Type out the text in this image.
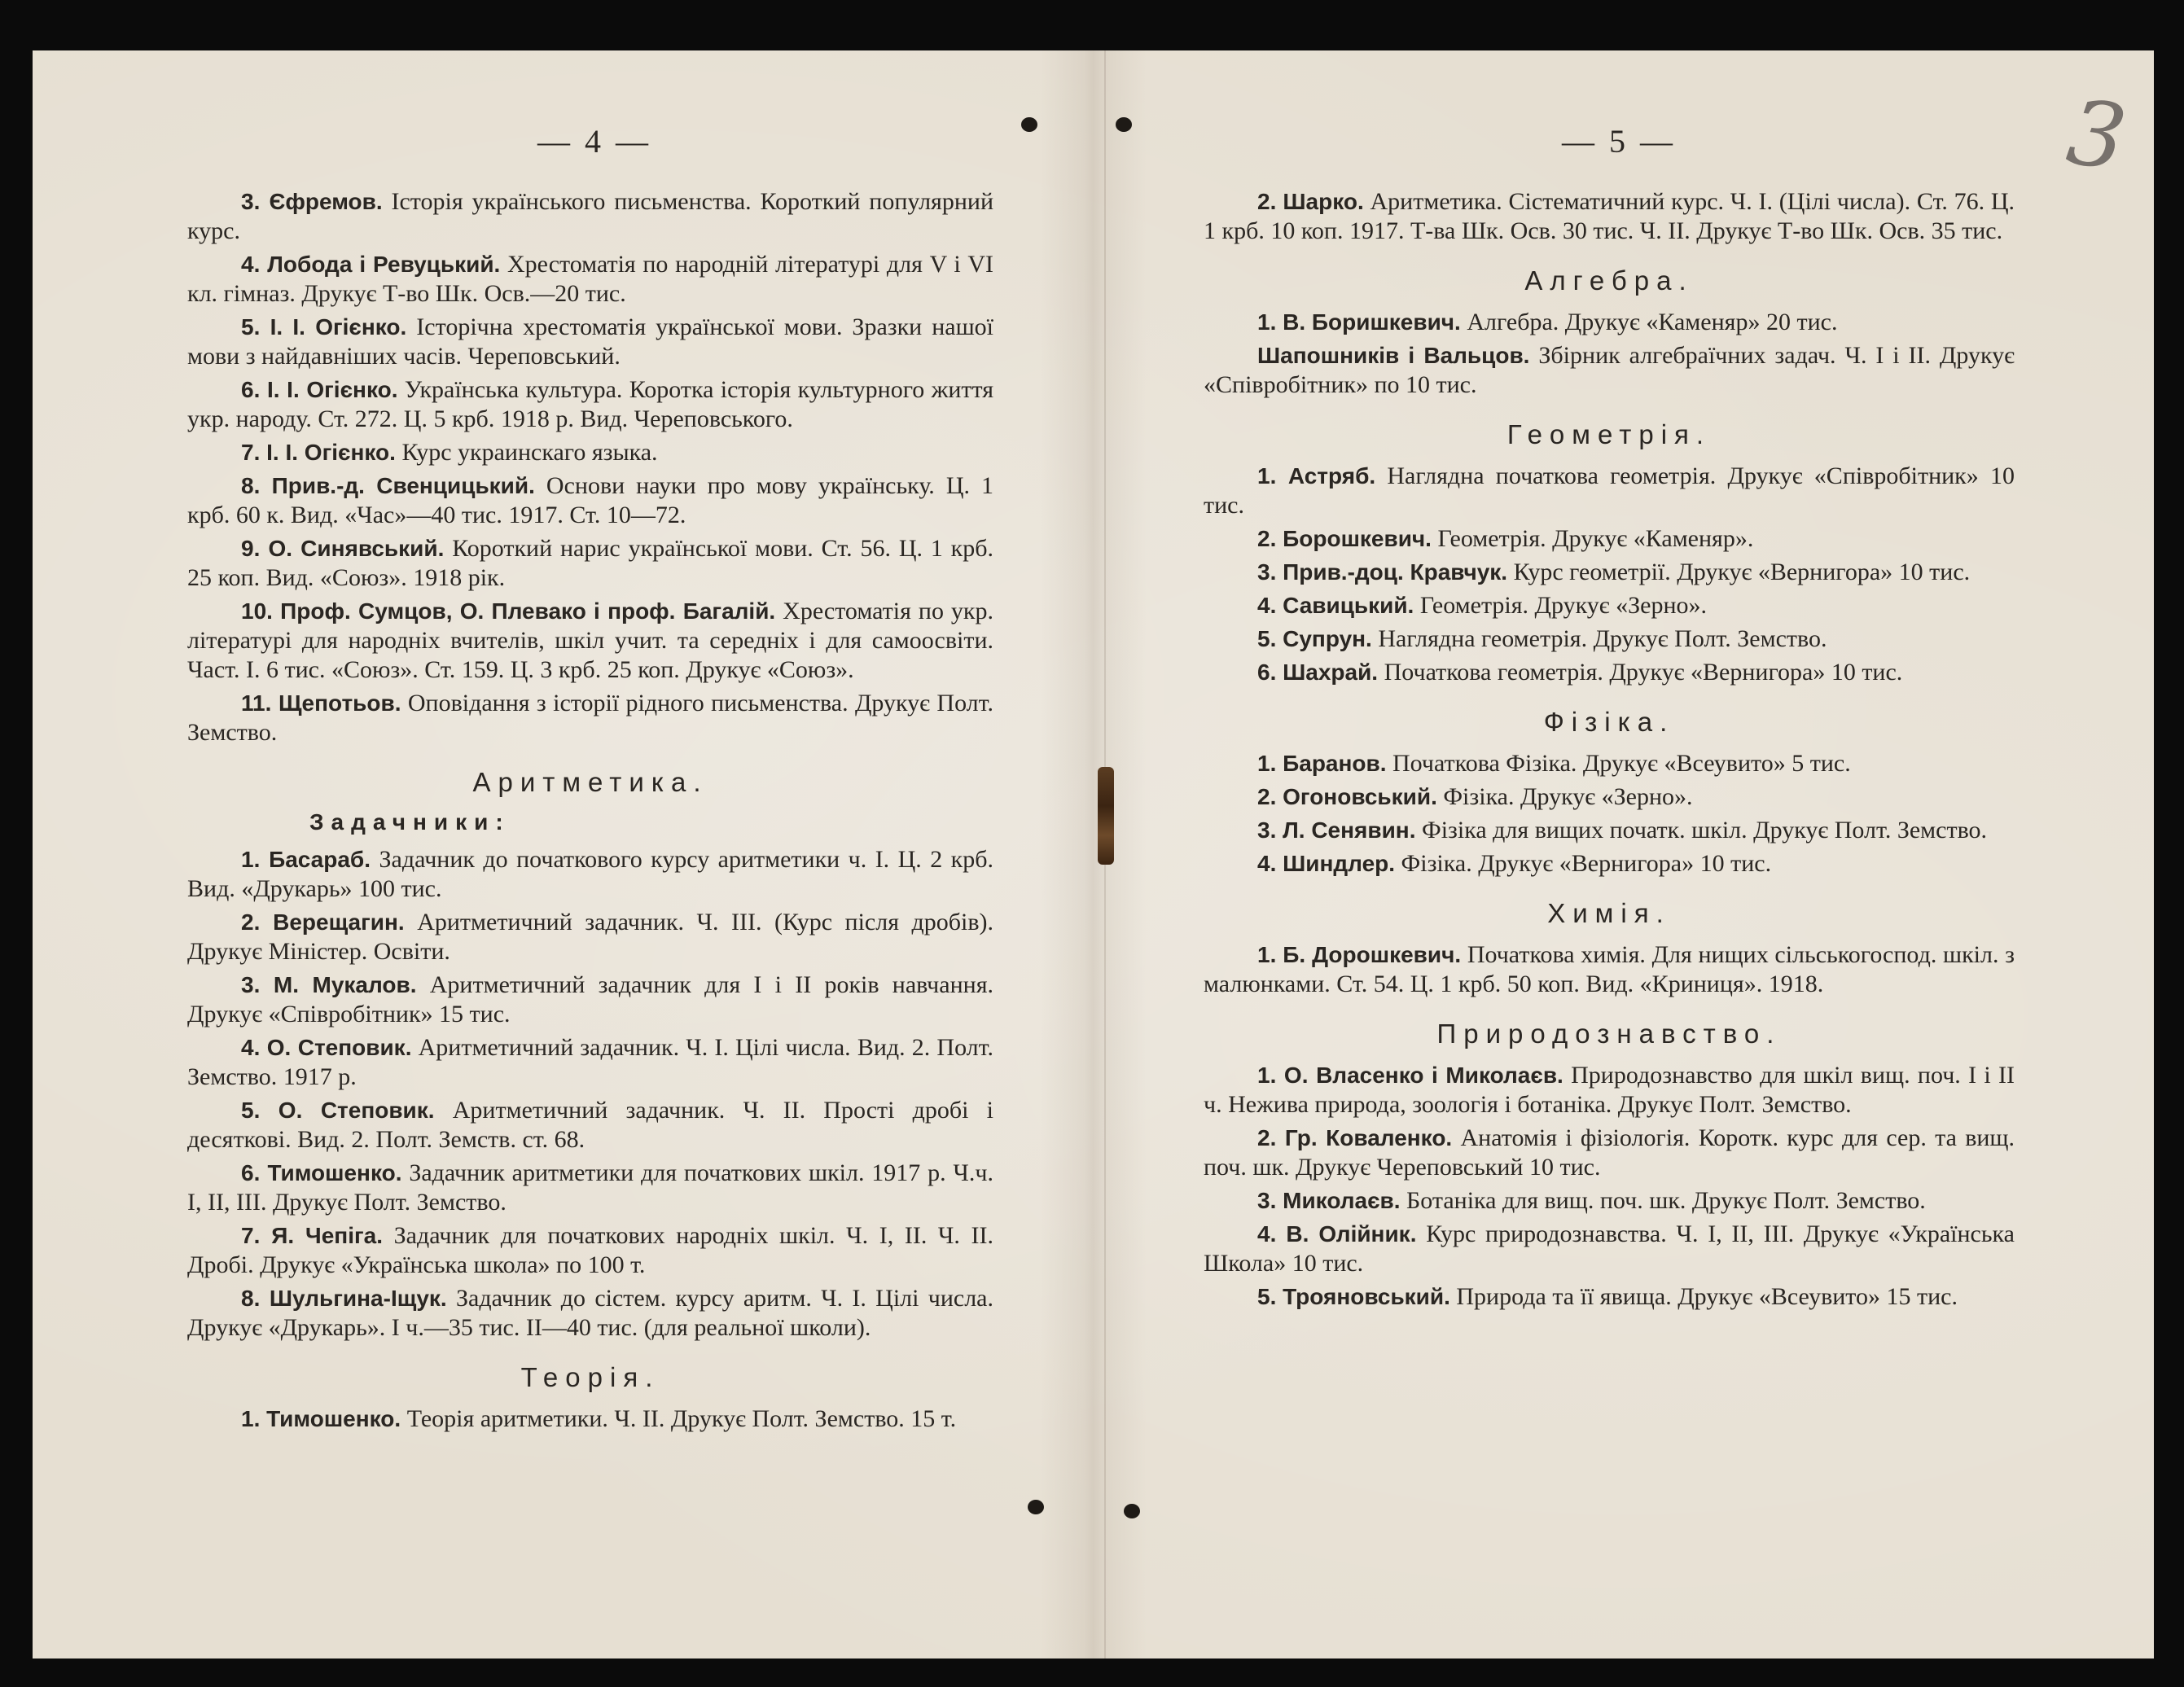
3
— 4 —

3. Єфремов. Історія українського письменства. Короткий популярний курс.

4. Лобода і Ревуцький. Хрестоматія по народній літературі для V і VI кл. гімназ. Друкує Т-во Шк. Осв.—20 тис.

5. І. І. Огієнко. Історічна хрестоматія української мови. Зразки нашої мови з найдавніших часів. Череповський.

6. І. І. Огієнко. Українська культура. Коротка історія культурного життя укр. народу. Ст. 272. Ц. 5 крб. 1918 р. Вид. Череповського.

7. І. І. Огієнко. Курс украинскаго языка.

8. Прив.-д. Свенцицький. Основи науки про мову українську. Ц. 1 крб. 60 к. Вид. «Час»—40 тис. 1917. Ст. 10—72.

9. О. Синявський. Короткий нарис української мови. Ст. 56. Ц. 1 крб. 25 коп. Вид. «Союз». 1918 рік.

10. Проф. Сумцов, О. Плевако і проф. Багалій. Хрестоматія по укр. літературі для народніх вчителів, шкіл учит. та середніх і для самоосвіти. Част. І. 6 тис. «Союз». Ст. 159. Ц. 3 крб. 25 коп. Друкує «Союз».

11. Щепотьов. Оповідання з історії рідного письменства. Друкує Полт. Земство.

Аритметика.
Задачники:

1. Басараб. Задачник до початкового курсу аритметики ч. І. Ц. 2 крб. Вид. «Друкарь» 100 тис.

2. Верещагин. Аритметичний задачник. Ч. III. (Курс після дробів). Друкує Міністер. Освіти.

3. М. Мукалов. Аритметичний задачник для І і II років навчання. Друкує «Співробітник» 15 тис.

4. О. Степовик. Аритметичний задачник. Ч. І. Цілі числа. Вид. 2. Полт. Земство. 1917 р.

5. О. Степовик. Аритметичний задачник. Ч. II. Прості дробі і десяткові. Вид. 2. Полт. Земств. ст. 68.

6. Тимошенко. Задачник аритметики для початкових шкіл. 1917 р. Ч.ч. І, II, III. Друкує Полт. Земство.

7. Я. Чепіга. Задачник для початкових народніх шкіл. Ч. І, II. Ч. II. Дробі. Друкує «Українська школа» по 100 т.

8. Шульгина-Іщук. Задачник до сістем. курсу аритм. Ч. І. Цілі числа. Друкує «Друкарь». І ч.—35 тис. II—40 тис. (для реальної школи).

Теорія.

1. Тимошенко. Теорія аритметики. Ч. II. Друкує Полт. Земство. 15 т.

— 5 —

2. Шарко. Аритметика. Сістематичний курс. Ч. І. (Цілі числа). Ст. 76. Ц. 1 крб. 10 коп. 1917. Т-ва Шк. Осв. 30 тис. Ч. II. Друкує Т-во Шк. Осв. 35 тис.

Алгебра.

1. В. Боришкевич. Алгебра. Друкує «Каменяр» 20 тис.

Шапошників і Вальцов. Збірник алгебраїчних задач. Ч. І і II. Друкує «Співробітник» по 10 тис.

Геометрія.

1. Астряб. Наглядна початкова геометрія. Друкує «Співробітник» 10 тис.

2. Борошкевич. Геометрія. Друкує «Каменяр».

3. Прив.-доц. Кравчук. Курс геометрії. Друкує «Вернигора» 10 тис.

4. Савицький. Геометрія. Друкує «Зерно».

5. Супрун. Наглядна геометрія. Друкує Полт. Земство.

6. Шахрай. Початкова геометрія. Друкує «Вернигора» 10 тис.

Фізіка.

1. Баранов. Початкова Фізіка. Друкує «Всеувито» 5 тис.

2. Огоновський. Фізіка. Друкує «Зерно».

3. Л. Сенявин. Фізіка для вищих початк. шкіл. Друкує Полт. Земство.

4. Шиндлер. Фізіка. Друкує «Вернигора» 10 тис.

Химія.

1. Б. Дорошкевич. Початкова химія. Для нищих сільськогоспод. шкіл. з малюнками. Ст. 54. Ц. 1 крб. 50 коп. Вид. «Криниця». 1918.

Природознавство.

1. О. Власенко і Миколаєв. Природознавство для шкіл вищ. поч. І і II ч. Нежива природа, зоологія і ботаніка. Друкує Полт. Земство.

2. Гр. Коваленко. Анатомія і фізіологія. Коротк. курс для сер. та вищ. поч. шк. Друкує Череповський 10 тис.

3. Миколаєв. Ботаніка для вищ. поч. шк. Друкує Полт. Земство.

4. В. Олійник. Курс природознавства. Ч. І, II, III. Друкує «Українська Школа» 10 тис.

5. Трояновський. Природа та її явища. Друкує «Всеувито» 15 тис.
